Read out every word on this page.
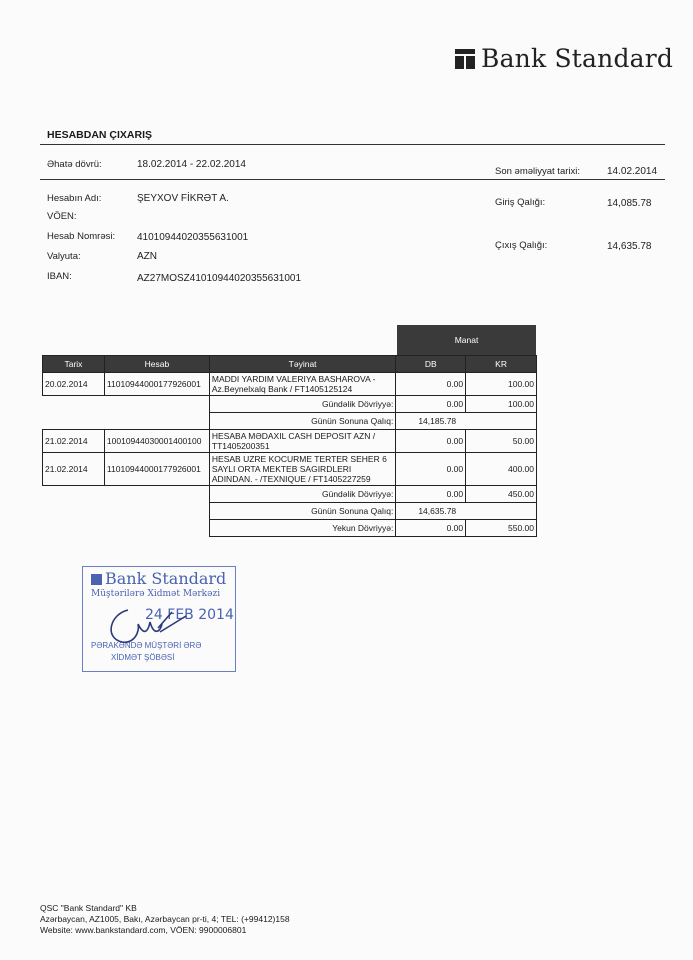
Bank Standard
HESABDAN ÇIXARIŞ
Əhatə dövrü:	18.02.2014 - 22.02.2014
Son əməliyyat tarixi:	14.02.2014
Hesabın Adı:	ŞEYXOV FİKRƏT A.
VÖEN:
Hesab Nomrəsi: 41010944020355631001
Valyuta:	AZN
IBAN:	AZ27MOSZ41010944020355631001
Giriş Qalığı:	14,085.78
Çıxış Qalığı:	14,635.78
Manat
Tarix	Hesab	Təyinat	DB	KR
20.02.2014	11010944000177926001	MADDI YARDIM VALERIYA BASHAROVA - Az.Beynelxalq Bank / FT1405125124	0.00	100.00
		Gündəlik Dövriyyə:	0.00	100.00
		Günün Sonuna Qalıq:	14,185.78	
21.02.2014	10010944030001400100	HESABA MƏDAXIL CASH DEPOSIT AZN / TT1405200351	0.00	50.00
21.02.2014	11010944000177926001	HESAB UZRE KOCURME TERTER SEHER 6 SAYLI ORTA MEKTEB SAGIRDLERI ADINDAN. - /TEXNIQUE / FT1405227259	0.00	400.00
		Gündəlik Dövriyyə:	0.00	450.00
		Günün Sonuna Qalıq:	14,635.78	
		Yekun Dövriyyə:	0.00	550.00
Bank Standard
Müştərilərə Xidmət Mərkəzi
24 FEB 2014
PƏRAKƏNDƏ MÜŞTƏRİ ƏRƏ
XİDMƏT ŞÖBƏSİ
QSC "Bank Standard" KB
Azərbaycan, AZ1005, Bakı, Azərbaycan pr-ti, 4; TEL: (+99412)158
Website: www.bankstandard.com, VÖEN: 9900006801
